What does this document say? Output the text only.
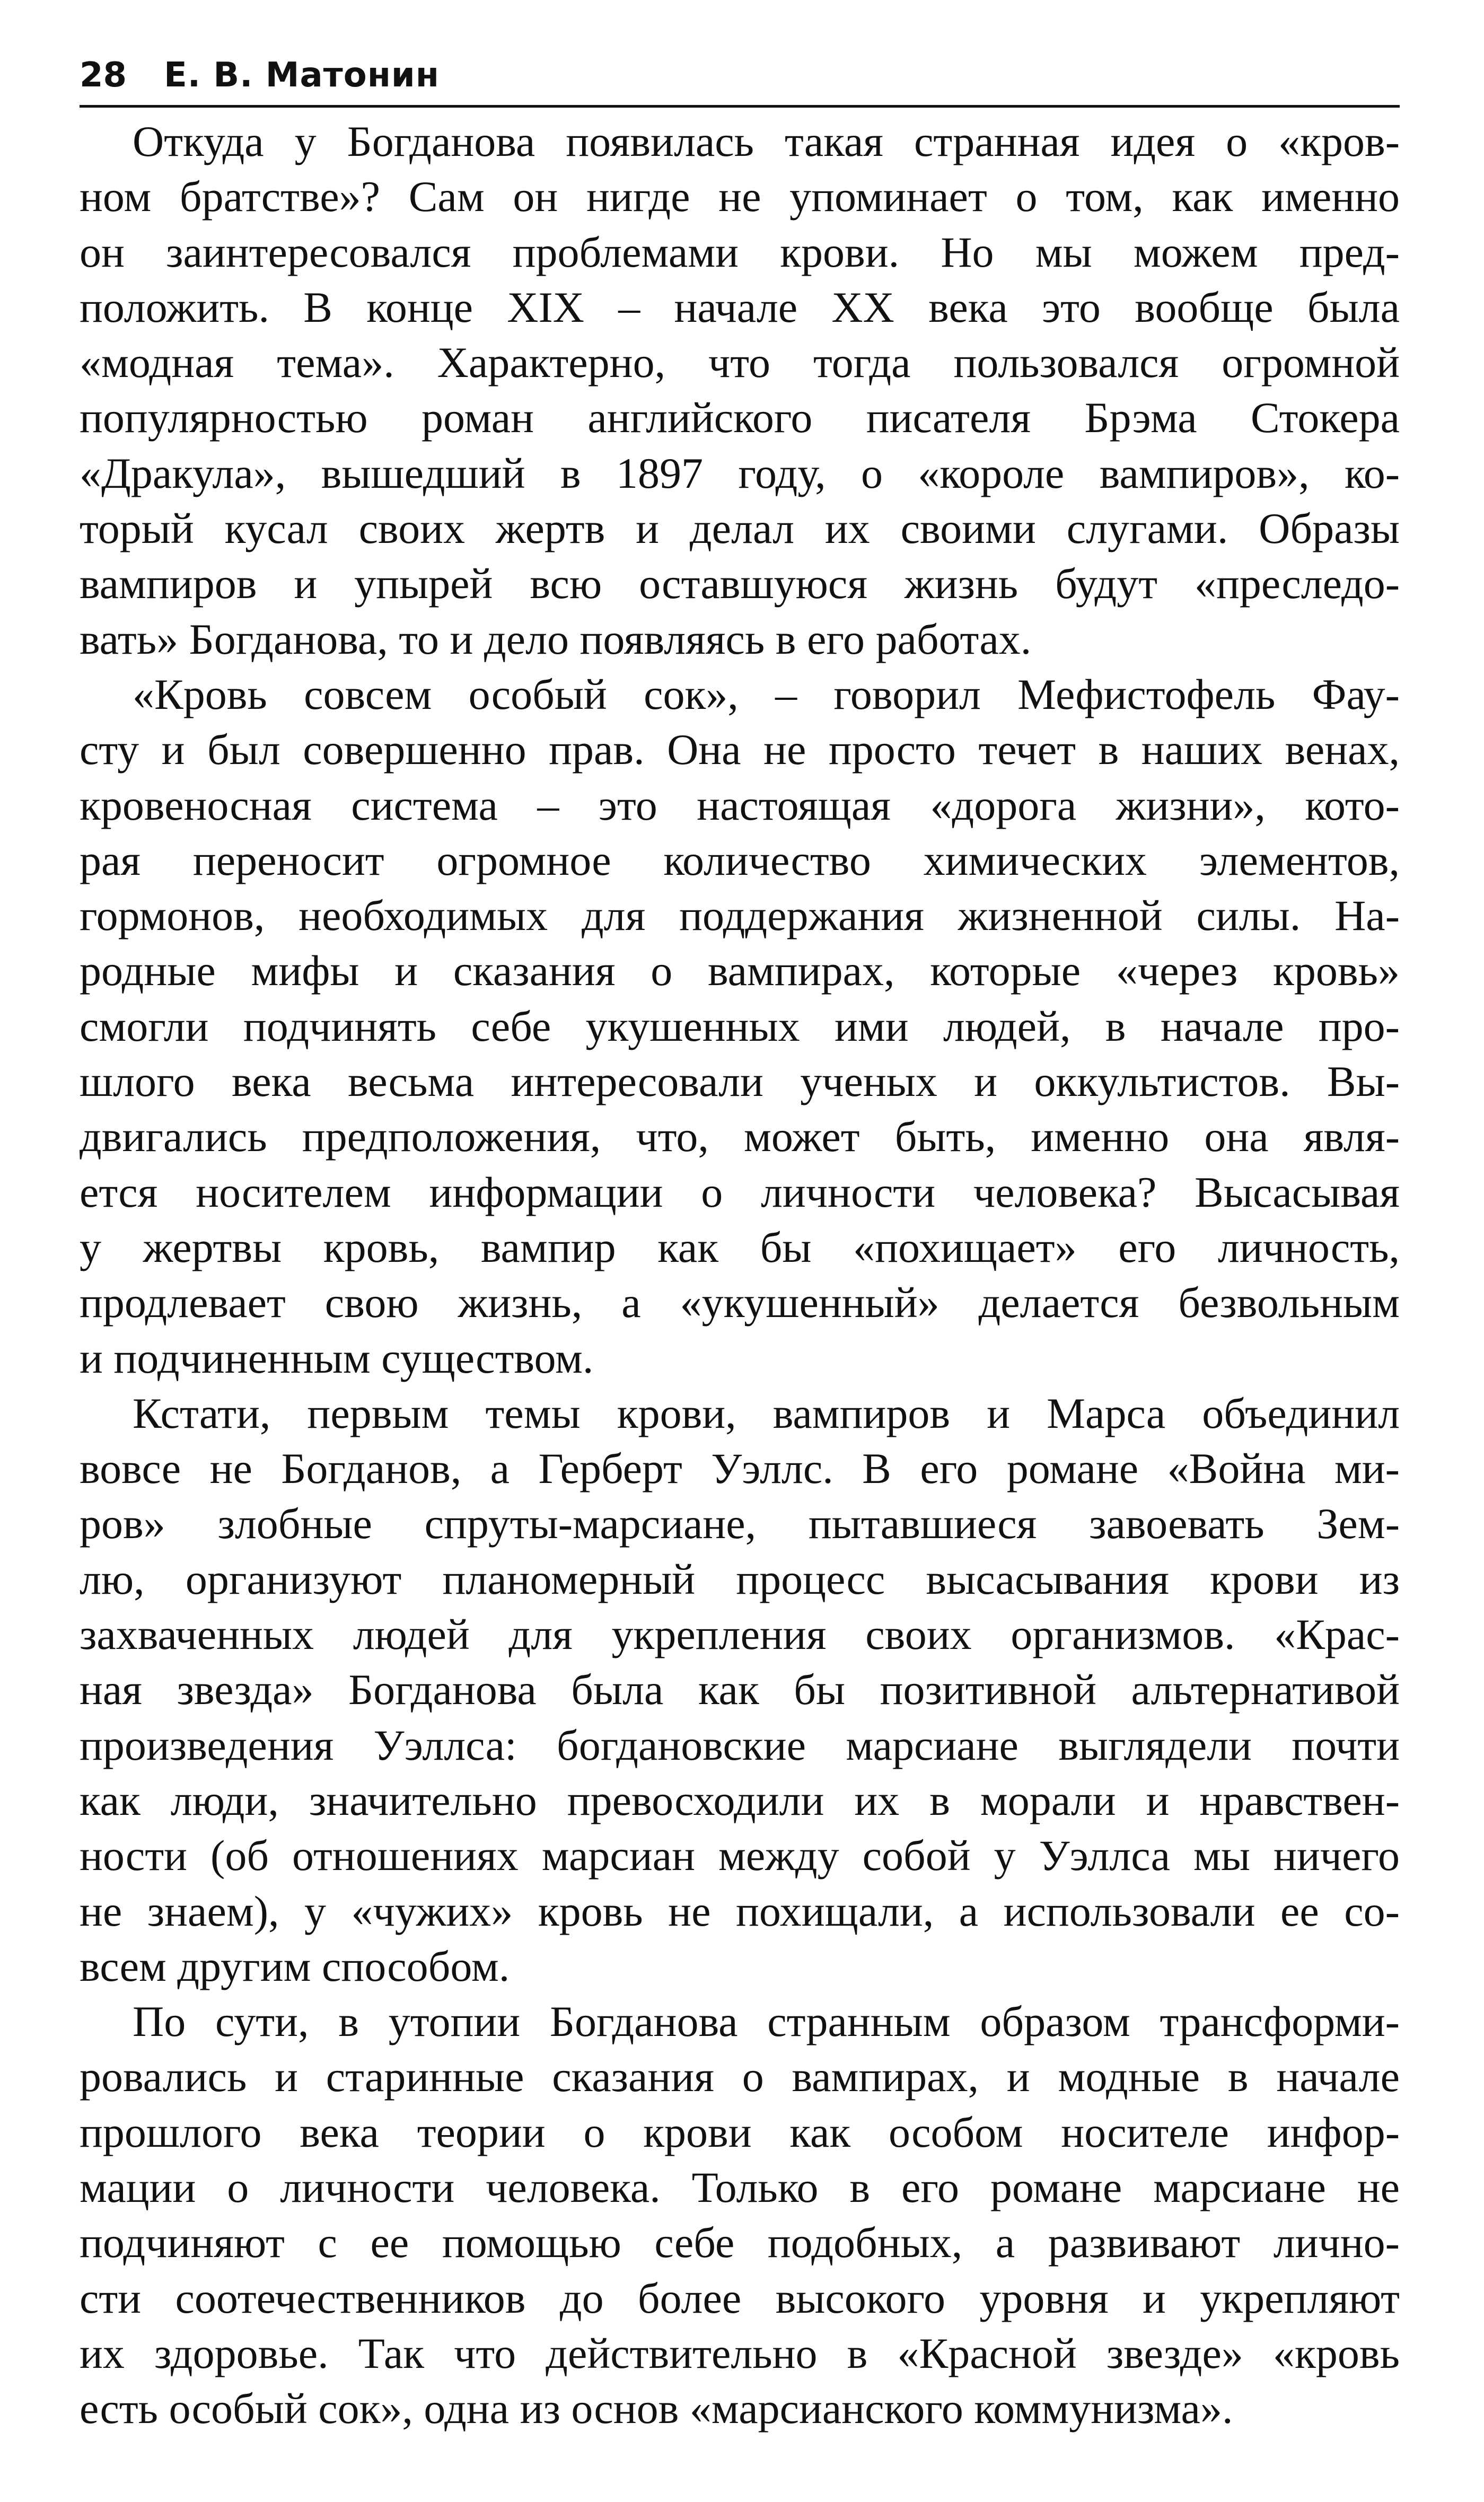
28 Е. В. Матонин

Откуда у Богданова появилась такая странная идея о «кров-
ном братстве»? Сам он нигде не упоминает о том, как именно
он заинтересовался проблемами крови. Но мы можем пред-
положить. В конце XIX – начале XX века это вообще была
«модная тема». Характерно, что тогда пользовался огромной
популярностью роман английского писателя Брэма Стокера
«Дракула», вышедший в 1897 году, о «короле вампиров», ко-
торый кусал своих жертв и делал их своими слугами. Образы
вампиров и упырей всю оставшуюся жизнь будут «преследо-
вать» Богданова, то и дело появляясь в его работах.

«Кровь совсем особый сок», – говорил Мефистофель Фау-
сту и был совершенно прав. Она не просто течет в наших венах,
кровеносная система – это настоящая «дорога жизни», кото-
рая переносит огромное количество химических элементов,
гормонов, необходимых для поддержания жизненной силы. На-
родные мифы и сказания о вампирах, которые «через кровь»
смогли подчинять себе укушенных ими людей, в начале про-
шлого века весьма интересовали ученых и оккультистов. Вы-
двигались предположения, что, может быть, именно она явля-
ется носителем информации о личности человека? Высасывая
у жертвы кровь, вампир как бы «похищает» его личность,
продлевает свою жизнь, а «укушенный» делается безвольным
и подчиненным существом.

Кстати, первым темы крови, вампиров и Марса объединил
вовсе не Богданов, а Герберт Уэллс. В его романе «Война ми-
ров» злобные спруты-марсиане, пытавшиеся завоевать Зем-
лю, организуют планомерный процесс высасывания крови из
захваченных людей для укрепления своих организмов. «Крас-
ная звезда» Богданова была как бы позитивной альтернативой
произведения Уэллса: богдановские марсиане выглядели почти
как люди, значительно превосходили их в морали и нравствен-
ности (об отношениях марсиан между собой у Уэллса мы ничего
не знаем), у «чужих» кровь не похищали, а использовали ее со-
всем другим способом.

По сути, в утопии Богданова странным образом трансформи-
ровались и старинные сказания о вампирах, и модные в начале
прошлого века теории о крови как особом носителе инфор-
мации о личности человека. Только в его романе марсиане не
подчиняют с ее помощью себе подобных, а развивают лично-
сти соотечественников до более высокого уровня и укрепляют
их здоровье. Так что действительно в «Красной звезде» «кровь
есть особый сок», одна из основ «марсианского коммунизма».
